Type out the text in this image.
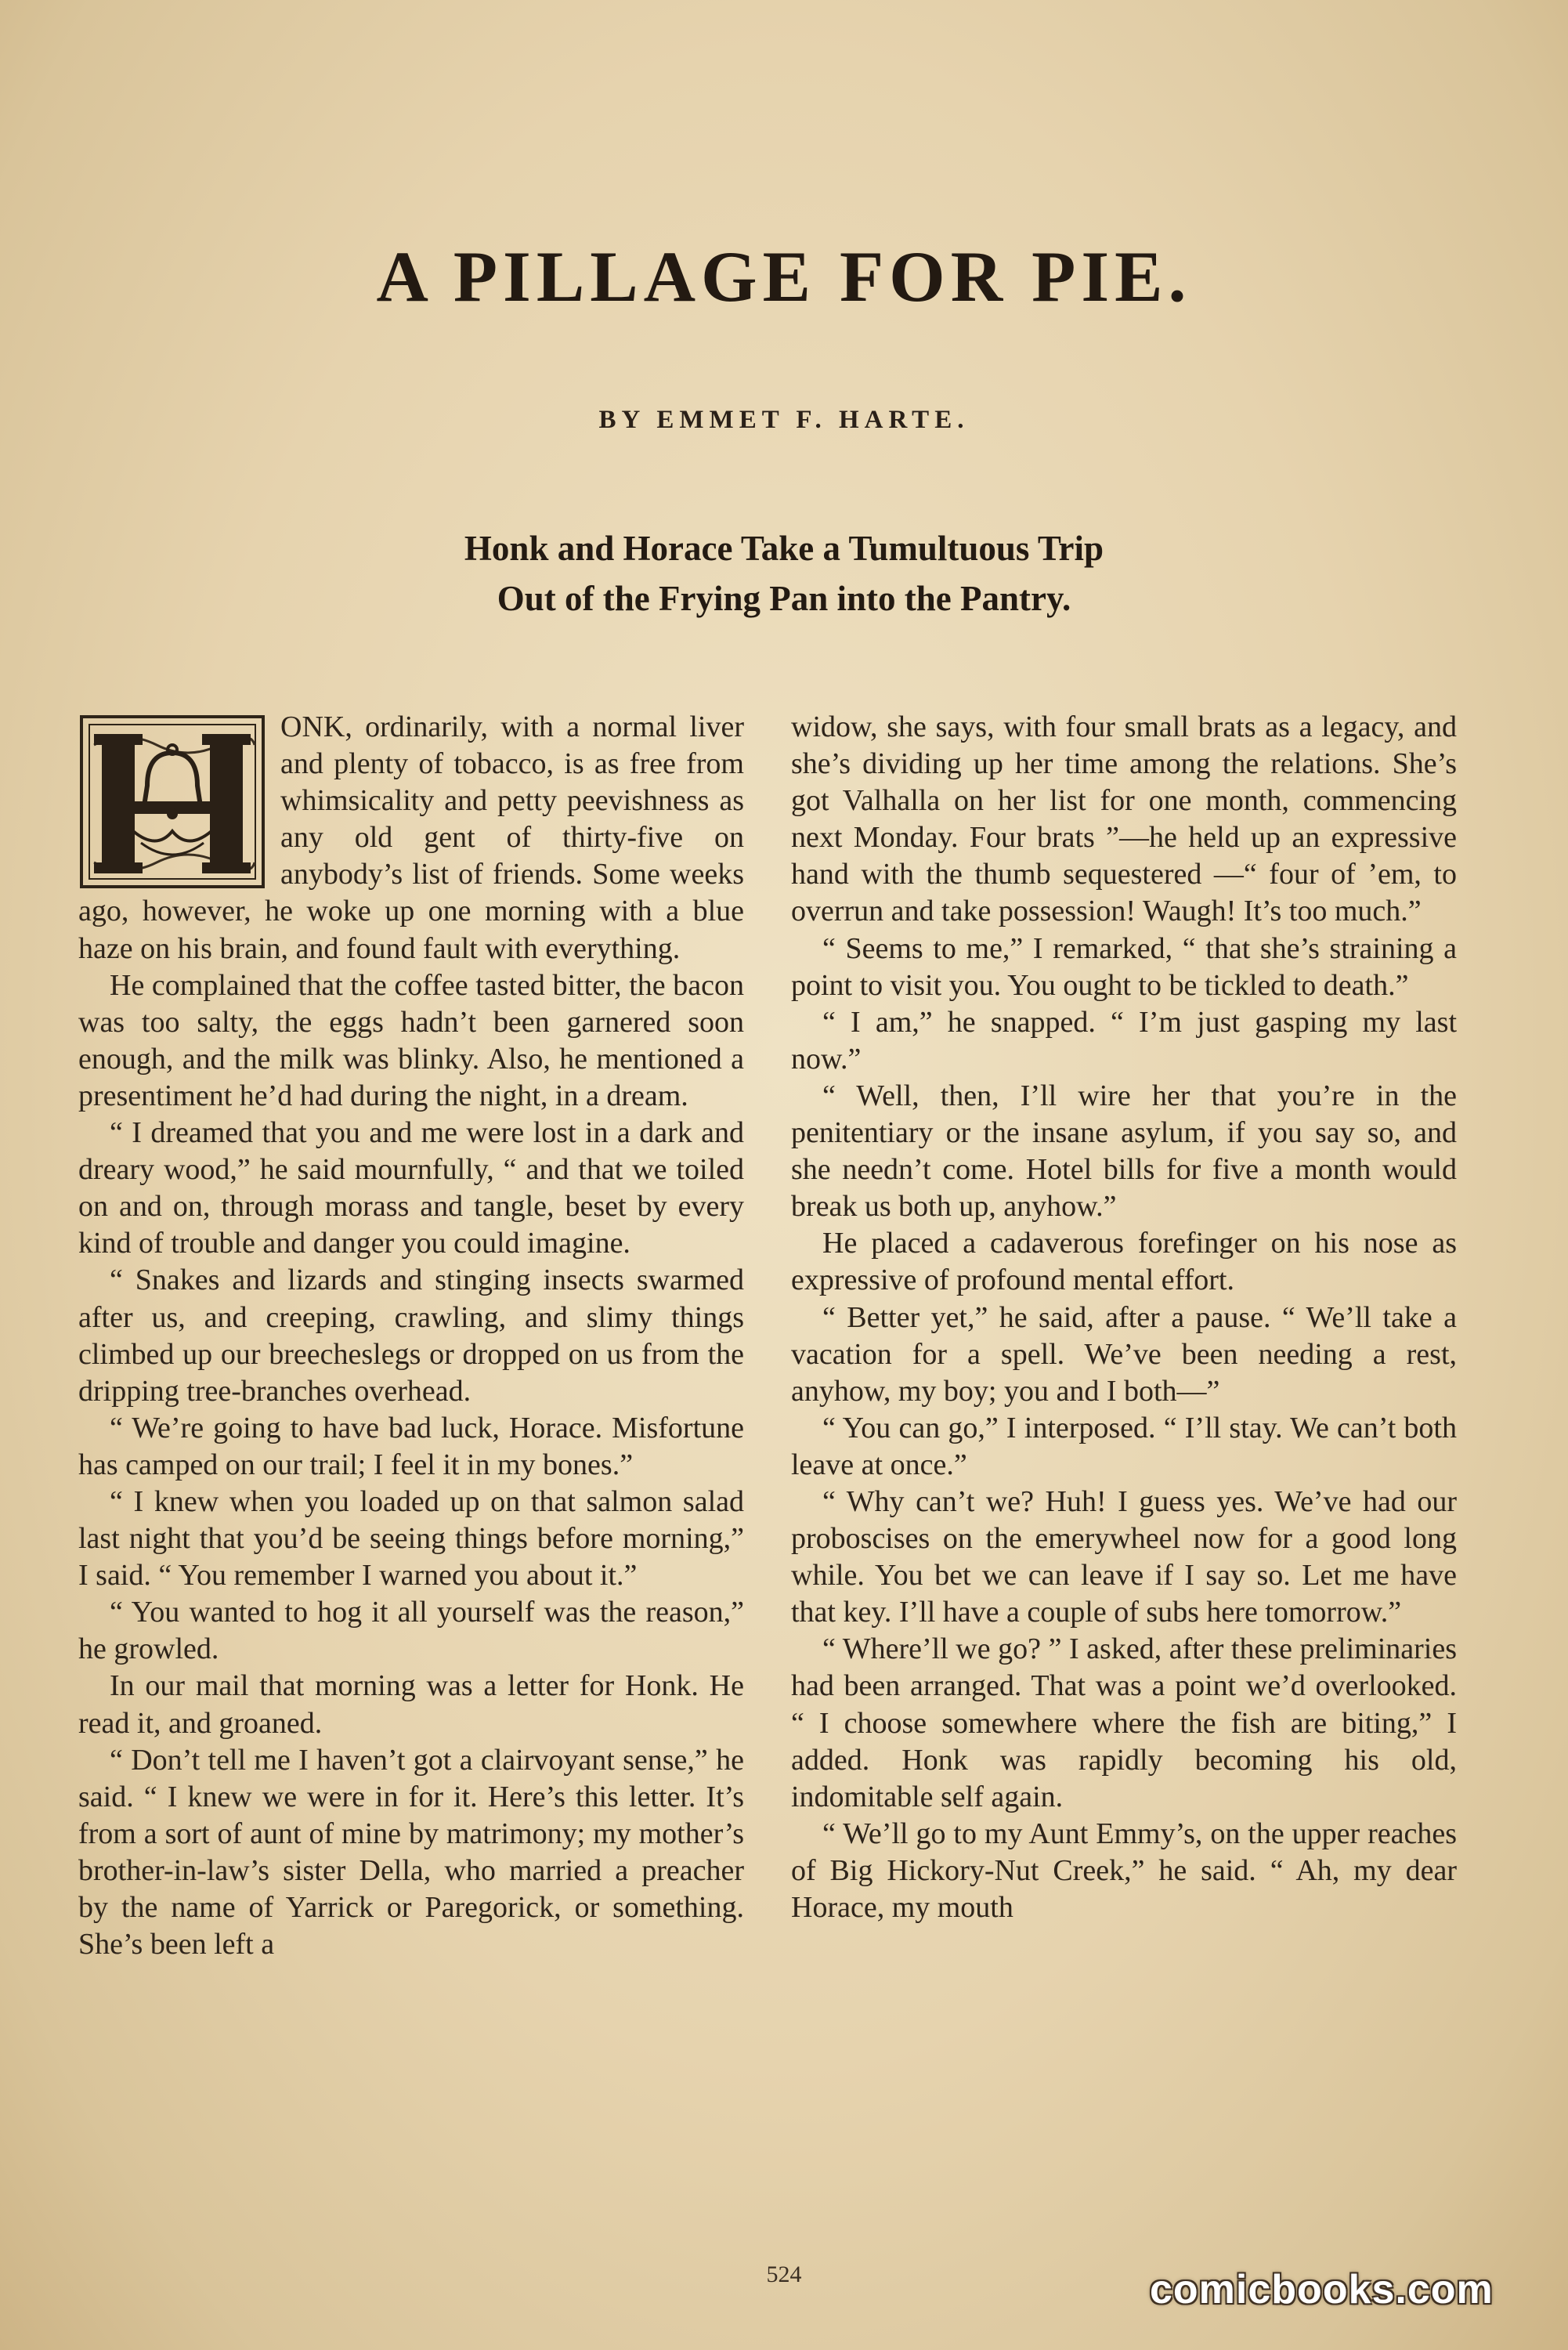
A PILLAGE FOR PIE.
BY EMMET F. HARTE.
Honk and Horace Take a Tumultuous Trip
Out of the Frying Pan into the Pantry.

ONK, ordinarily, with a normal liver and plenty of tobacco, is as free from whimsicality and petty peevishness as any old gent of thirty-five on anybody’s list of friends. Some weeks ago, however, he woke up one morning with a blue haze on his brain, and found fault with everything.

He complained that the coffee tasted bitter, the bacon was too salty, the eggs hadn’t been garnered soon enough, and the milk was blinky. Also, he mentioned a presentiment he’d had during the night, in a dream.

“ I dreamed that you and me were lost in a dark and dreary wood,” he said mournfully, “ and that we toiled on and on, through morass and tangle, beset by every kind of trouble and danger you could imagine.

“ Snakes and lizards and stinging insects swarmed after us, and creeping, crawling, and slimy things climbed up our breecheslegs or dropped on us from the dripping tree-branches overhead.

“ We’re going to have bad luck, Horace. Misfortune has camped on our trail; I feel it in my bones.”

“ I knew when you loaded up on that salmon salad last night that you’d be seeing things before morning,” I said. “ You remember I warned you about it.”

“ You wanted to hog it all yourself was the reason,” he growled.

In our mail that morning was a letter for Honk. He read it, and groaned.

“ Don’t tell me I haven’t got a clairvoyant sense,” he said. “ I knew we were in for it. Here’s this letter. It’s from a sort of aunt of mine by matrimony; my mother’s brother-in-law’s sister Della, who married a preacher by the name of Yarrick or Paregorick, or something. She’s been left a

widow, she says, with four small brats as a legacy, and she’s dividing up her time among the relations. She’s got Valhalla on her list for one month, commencing next Monday. Four brats ”—he held up an expressive hand with the thumb sequestered —“ four of ’em, to overrun and take possession! Waugh! It’s too much.”

“ Seems to me,” I remarked, “ that she’s straining a point to visit you. You ought to be tickled to death.”

“ I am,” he snapped. “ I’m just gasping my last now.”

“ Well, then, I’ll wire her that you’re in the penitentiary or the insane asylum, if you say so, and she needn’t come. Hotel bills for five a month would break us both up, anyhow.”

He placed a cadaverous forefinger on his nose as expressive of profound mental effort.

“ Better yet,” he said, after a pause. “ We’ll take a vacation for a spell. We’ve been needing a rest, anyhow, my boy; you and I both—”

“ You can go,” I interposed. “ I’ll stay. We can’t both leave at once.”

“ Why can’t we? Huh! I guess yes. We’ve had our proboscises on the emerywheel now for a good long while. You bet we can leave if I say so. Let me have that key. I’ll have a couple of subs here tomorrow.”

“ Where’ll we go? ” I asked, after these preliminaries had been arranged. That was a point we’d overlooked. “ I choose somewhere where the fish are biting,” I added. Honk was rapidly becoming his old, indomitable self again.

“ We’ll go to my Aunt Emmy’s, on the upper reaches of Big Hickory-Nut Creek,” he said. “ Ah, my dear Horace, my mouth

524	comicbooks.com
